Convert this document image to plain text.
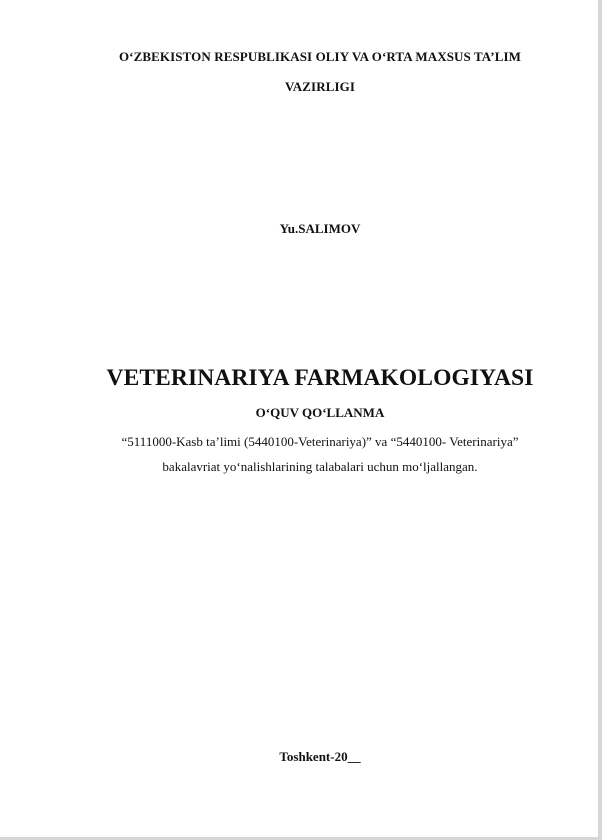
O‘ZBEKISTON RESPUBLIKASI OLIY VA O‘RTA MAXSUS TA’LIM
VAZIRLIGI
Yu.SALIMOV
VETERINARIYA FARMAKOLOGIYASI
O‘QUV QO‘LLANMA
“5111000-Kasb ta’limi (5440100-Veterinariya)” va “5440100- Veterinariya”
bakalavriat yo‘nalishlarining talabalari uchun mo‘ljallangan.
Toshkent-20__
